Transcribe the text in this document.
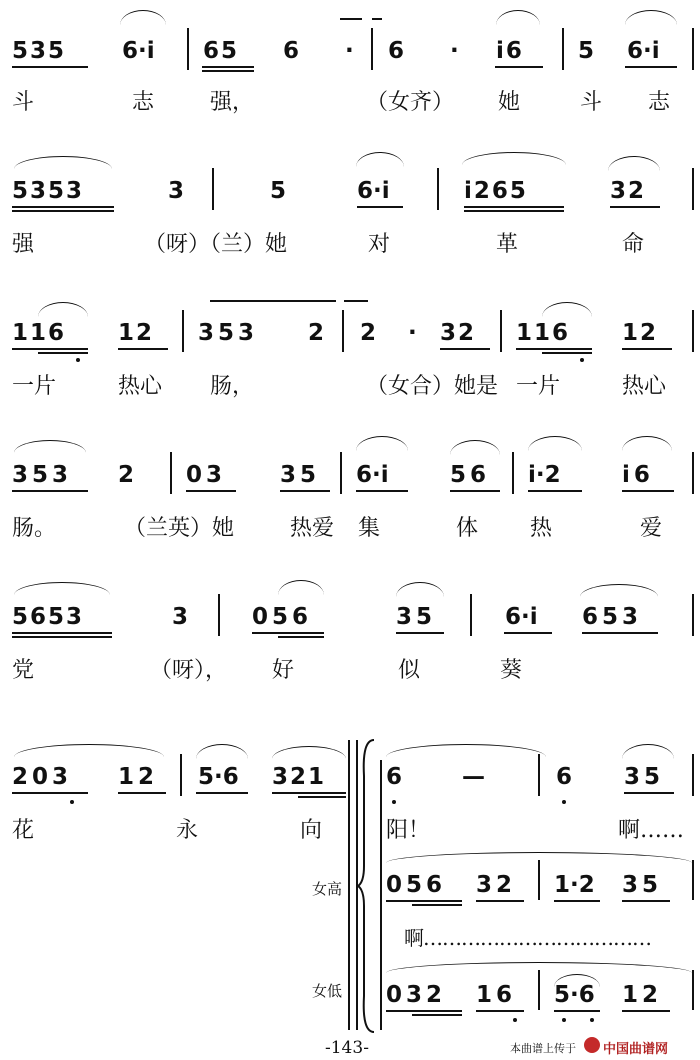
535 6·i 65 6 · 6 · i6 5 6·i
斗	志	强，	（女齐） 她	斗 志
5353	3	5	6·i	i265	32
强	（呀）（兰）她	对	革	命
116 12 353 2 2 · 32 116 12
一片	热心 肠，	（女合）她是 一片	热心
353 2 03 35 6·i	56 i·2	i6
肠。	（兰英）她	热爱 集	体 热	爱
5653	3	056	35	6·i 653
党	（呀）， 好	似	葵
203 12 5·6 321	6	—	6 35
花	永	向	阳！	啊……
女高 056 32 1·2 35
啊………………………………
女低 032 16 5·6 12
-143-	本曲谱上传于 中国曲谱网
